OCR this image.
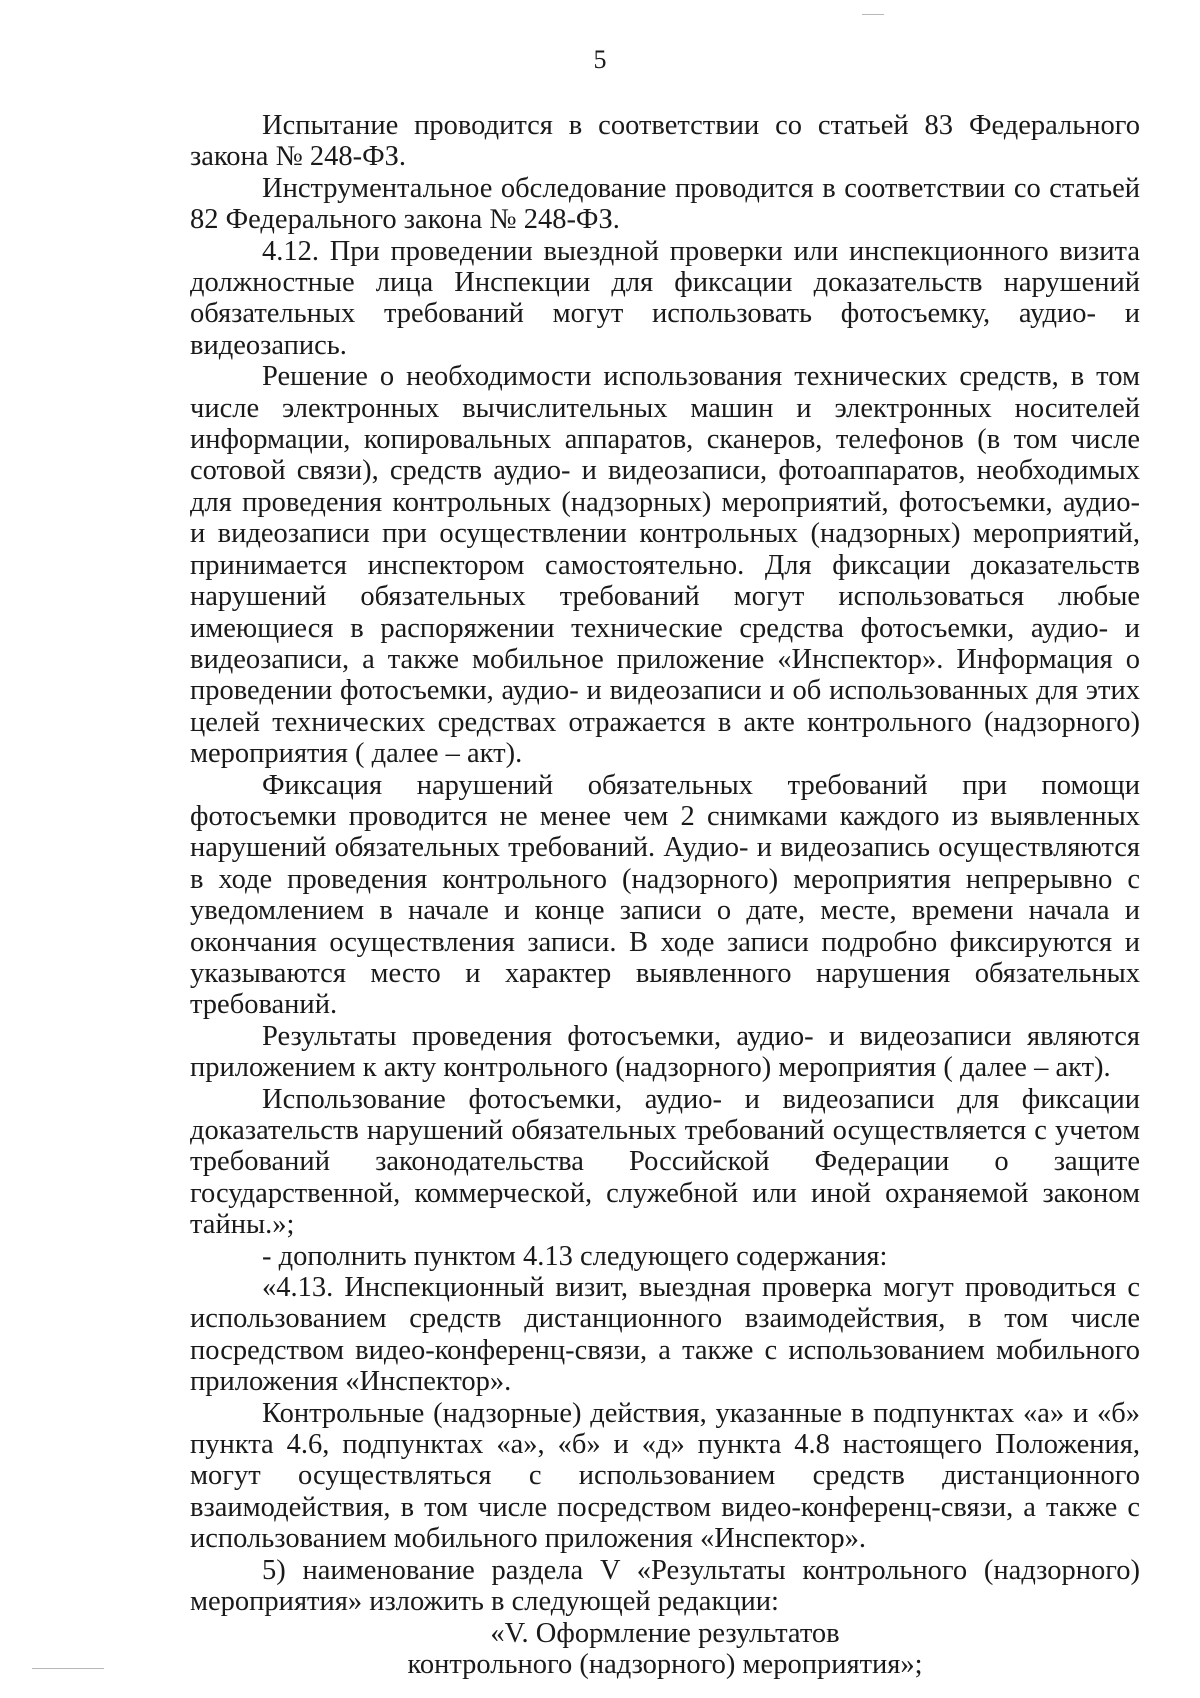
5

Испытание проводится в соответствии со статьей 83 Федерального закона № 248-ФЗ.

Инструментальное обследование проводится в соответствии со статьей 82 Федерального закона № 248-ФЗ.

4.12. При проведении выездной проверки или инспекционного визита должностные лица Инспекции для фиксации доказательств нарушений обязательных требований могут использовать фотосъемку, аудио- и видеозапись.

Решение о необходимости использования технических средств, в том числе электронных вычислительных машин и электронных носителей информации, копировальных аппаратов, сканеров, телефонов (в том числе сотовой связи), средств аудио- и видеозаписи, фотоаппаратов, необходимых для проведения контрольных (надзорных) мероприятий, фотосъемки, аудио- и видеозаписи при осуществлении контрольных (надзорных) мероприятий, принимается инспектором самостоятельно. Для фиксации доказательств нарушений обязательных требований могут использоваться любые имеющиеся в распоряжении технические средства фотосъемки, аудио- и видеозаписи, а также мобильное приложение «Инспектор». Информация о проведении фотосъемки, аудио- и видеозаписи и об использованных для этих целей технических средствах отражается в акте контрольного (надзорного) мероприятия ( далее – акт).

Фиксация нарушений обязательных требований при помощи фотосъемки проводится не менее чем 2 снимками каждого из выявленных нарушений обязательных требований. Аудио- и видеозапись осуществляются в ходе проведения контрольного (надзорного) мероприятия непрерывно с уведомлением в начале и конце записи о дате, месте, времени начала и окончания осуществления записи. В ходе записи подробно фиксируются и указываются место и характер выявленного нарушения обязательных требований.

Результаты проведения фотосъемки, аудио- и видеозаписи являются приложением к акту контрольного (надзорного) мероприятия ( далее – акт).

Использование фотосъемки, аудио- и видеозаписи для фиксации доказательств нарушений обязательных требований осуществляется с учетом требований законодательства Российской Федерации о защите государственной, коммерческой, служебной или иной охраняемой законом тайны.»;

- дополнить пунктом 4.13 следующего содержания:

«4.13. Инспекционный визит, выездная проверка могут проводиться с использованием средств дистанционного взаимодействия, в том числе посредством видео-конференц-связи, а также с использованием мобильного приложения «Инспектор».

Контрольные (надзорные) действия, указанные в подпунктах «а» и «б» пункта 4.6, подпунктах «а», «б» и «д» пункта 4.8 настоящего Положения, могут осуществляться с использованием средств дистанционного взаимодействия, в том числе посредством видео-конференц-связи, а также с использованием мобильного приложения «Инспектор».

5) наименование раздела V «Результаты контрольного (надзорного) мероприятия» изложить в следующей редакции:

«V. Оформление результатов

контрольного (надзорного) мероприятия»;
